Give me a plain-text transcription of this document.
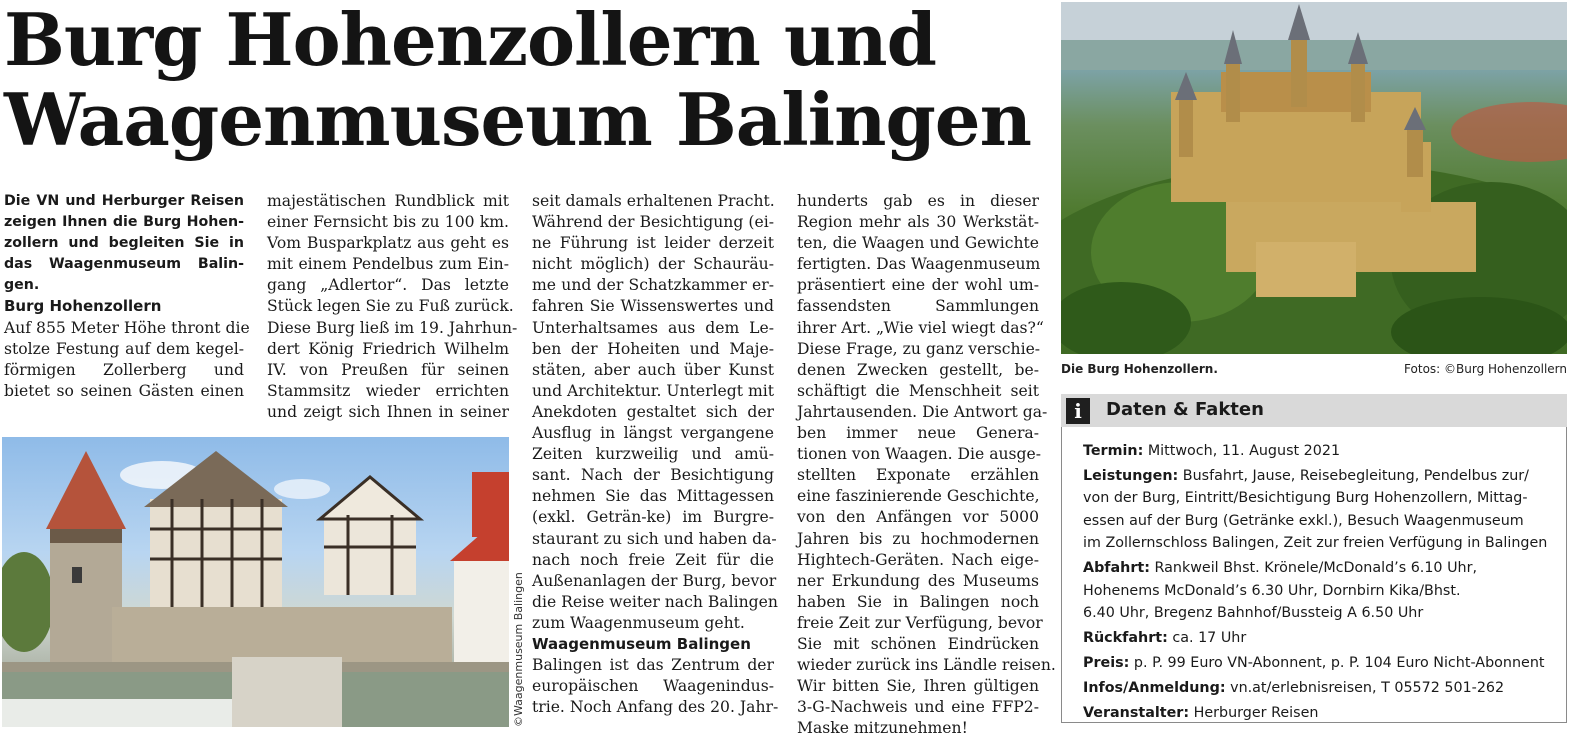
Burg Hohenzollern und
Waagenmuseum Balingen

Die VN und Herburger Reisen
zeigen Ihnen die Burg Hohen-
zollern und begleiten Sie in
das Waagenmuseum Balin-
gen.

Burg Hohenzollern

Auf 855 Meter Höhe thront die
stolze Festung auf dem kegel-
förmigen Zollerberg und
bietet so seinen Gästen einen

majestätischen Rundblick mit
einer Fernsicht bis zu 100 km.
Vom Busparkplatz aus geht es
mit einem Pendelbus zum Ein-
gang „Adlertor“. Das letzte
Stück legen Sie zu Fuß zurück.
Diese Burg ließ im 19. Jahrhun-
dert König Friedrich Wilhelm
IV. von Preußen für seinen
Stammsitz wieder errichten
und zeigt sich Ihnen in seiner

seit damals erhaltenen Pracht.
Während der Besichtigung (ei-
ne Führung ist leider derzeit
nicht möglich) der Schauräu-
me und der Schatzkammer er-
fahren Sie Wissenswertes und
Unterhaltsames aus dem Le-
ben der Hoheiten und Maje-
stäten, aber auch über Kunst
und Architektur. Unterlegt mit
Anekdoten gestaltet sich der
Ausflug in längst vergangene
Zeiten kurzweilig und amü-
sant. Nach der Besichtigung
nehmen Sie das Mittagessen
(exkl. Geträn-ke) im Burgre-
staurant zu sich und haben da-
nach noch freie Zeit für die
Außenanlagen der Burg, bevor
die Reise weiter nach Balingen
zum Waagenmuseum geht.

Waagenmuseum Balingen

Balingen ist das Zentrum der
europäischen Waagenindus-
trie. Noch Anfang des 20. Jahr-

hunderts gab es in dieser
Region mehr als 30 Werkstät-
ten, die Waagen und Gewichte
fertigten. Das Waagenmuseum
präsentiert eine der wohl um-
fassendsten Sammlungen
ihrer Art. „Wie viel wiegt das?“
Diese Frage, zu ganz verschie-
denen Zwecken gestellt, be-
schäftigt die Menschheit seit
Jahrtausenden. Die Antwort ga-
ben immer neue Genera-
tionen von Waagen. Die ausge-
stellten Exponate erzählen
eine faszinierende Geschichte,
von den Anfängen vor 5000
Jahren bis zu hochmodernen
Hightech-Geräten. Nach eige-
ner Erkundung des Museums
haben Sie in Balingen noch
freie Zeit zur Verfügung, bevor
Sie mit schönen Eindrücken
wieder zurück ins Ländle reisen.
Wir bitten Sie, Ihren gültigen
3-G-Nachweis und eine FFP2-
Maske mitzunehmen!

©Waagenmuseum Balingen
Die Burg Hohenzollern.	Fotos: ©Burg Hohenzollern
i	Daten & Fakten
Termin: Mittwoch, 11. August 2021
Leistungen: Busfahrt, Jause, Reisebegleitung, Pendelbus zur/
von der Burg, Eintritt/Besichtigung Burg Hohenzollern, Mittag-
essen auf der Burg (Getränke exkl.), Besuch Waagenmuseum
im Zollernschloss Balingen, Zeit zur freien Verfügung in Balingen
Abfahrt: Rankweil Bhst. Krönele/McDonald’s 6.10 Uhr,
Hohenems McDonald’s 6.30 Uhr, Dornbirn Kika/Bhst.
6.40 Uhr, Bregenz Bahnhof/Bussteig A 6.50 Uhr
Rückfahrt: ca. 17 Uhr
Preis: p. P. 99 Euro VN-Abonnent, p. P. 104 Euro Nicht-Abonnent
Infos/Anmeldung: vn.at/erlebnisreisen, T 05572 501-262
Veranstalter: Herburger Reisen
